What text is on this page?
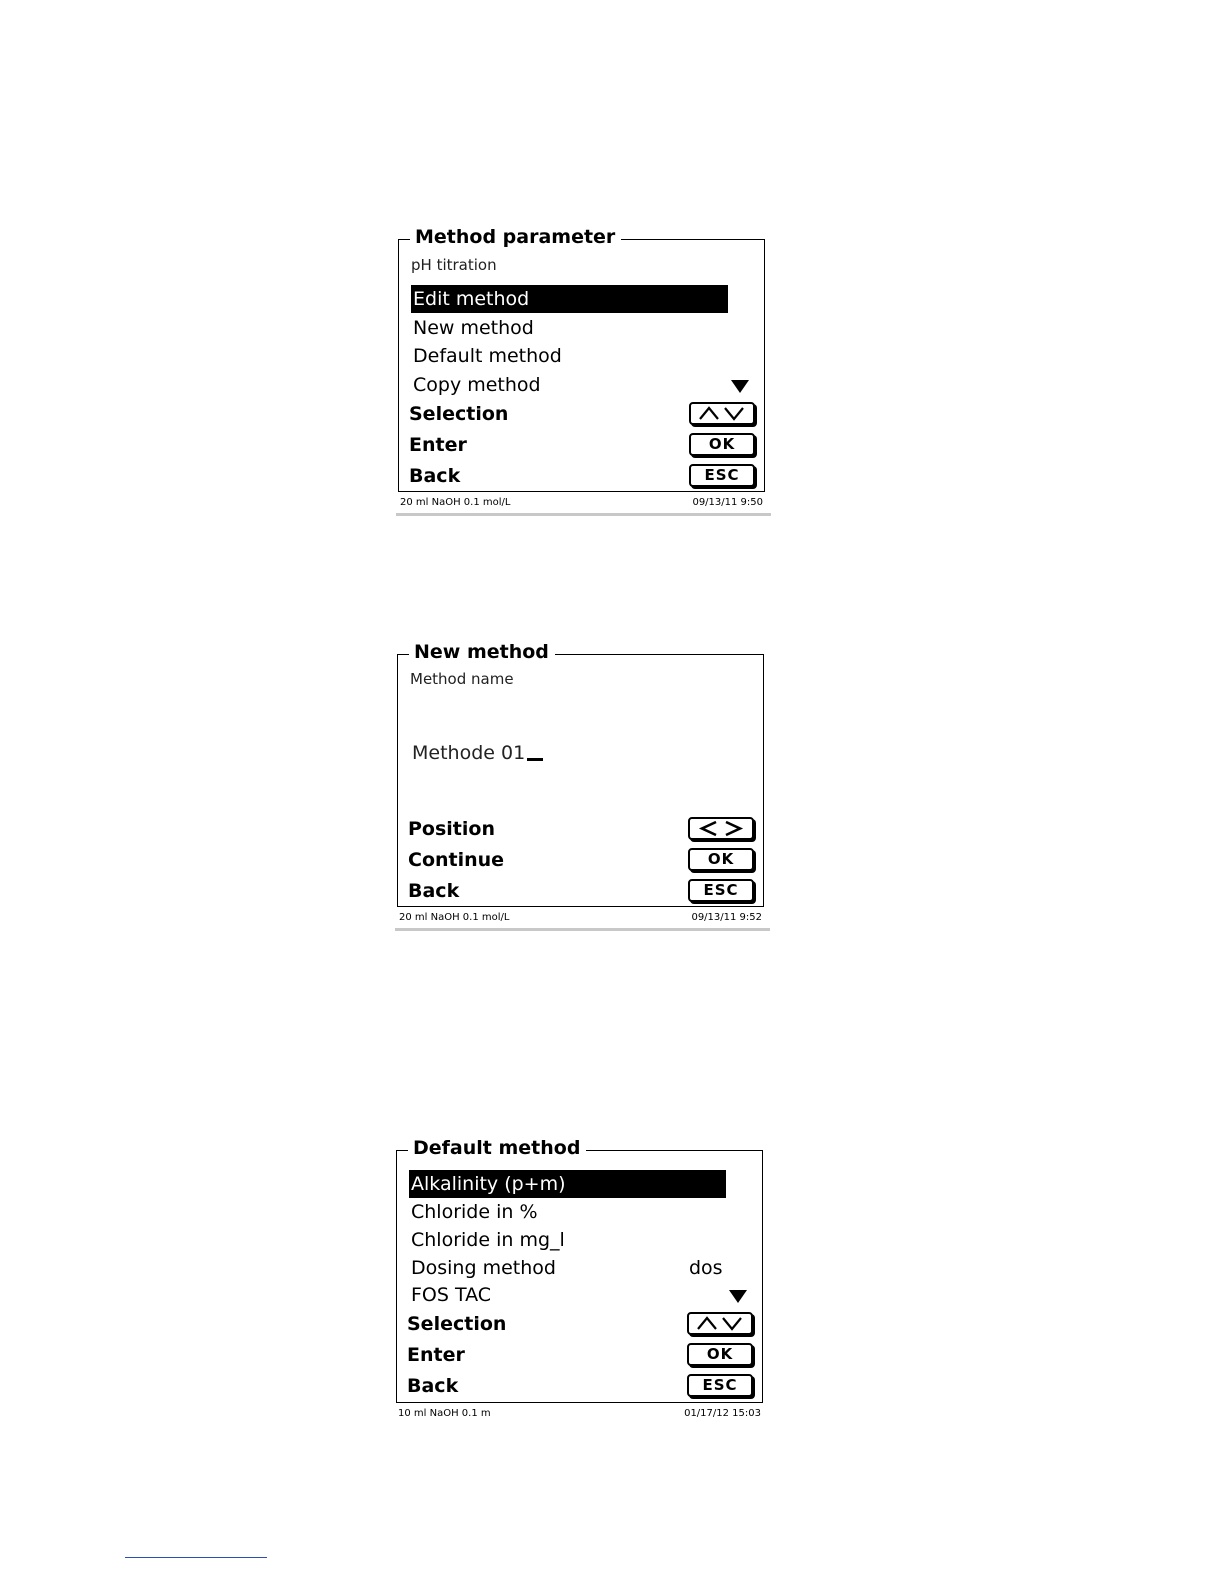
Method parameter
pH titration
Edit method
New method
Default method
Copy method
Selection
Enter	OK
Back	ESC
20 ml NaOH 0.1 mol/L	09/13/11 9:50
New method
Method name
Methode 01
Position
Continue	OK
Back	ESC
20 ml NaOH 0.1 mol/L	09/13/11 9:52
Default method
Alkalinity (p+m)
Chloride in %
Chloride in mg_l
Dosing method	dos
FOS TAC
Selection
Enter	OK
Back	ESC
10 ml NaOH 0.1 m	01/17/12 15:03
